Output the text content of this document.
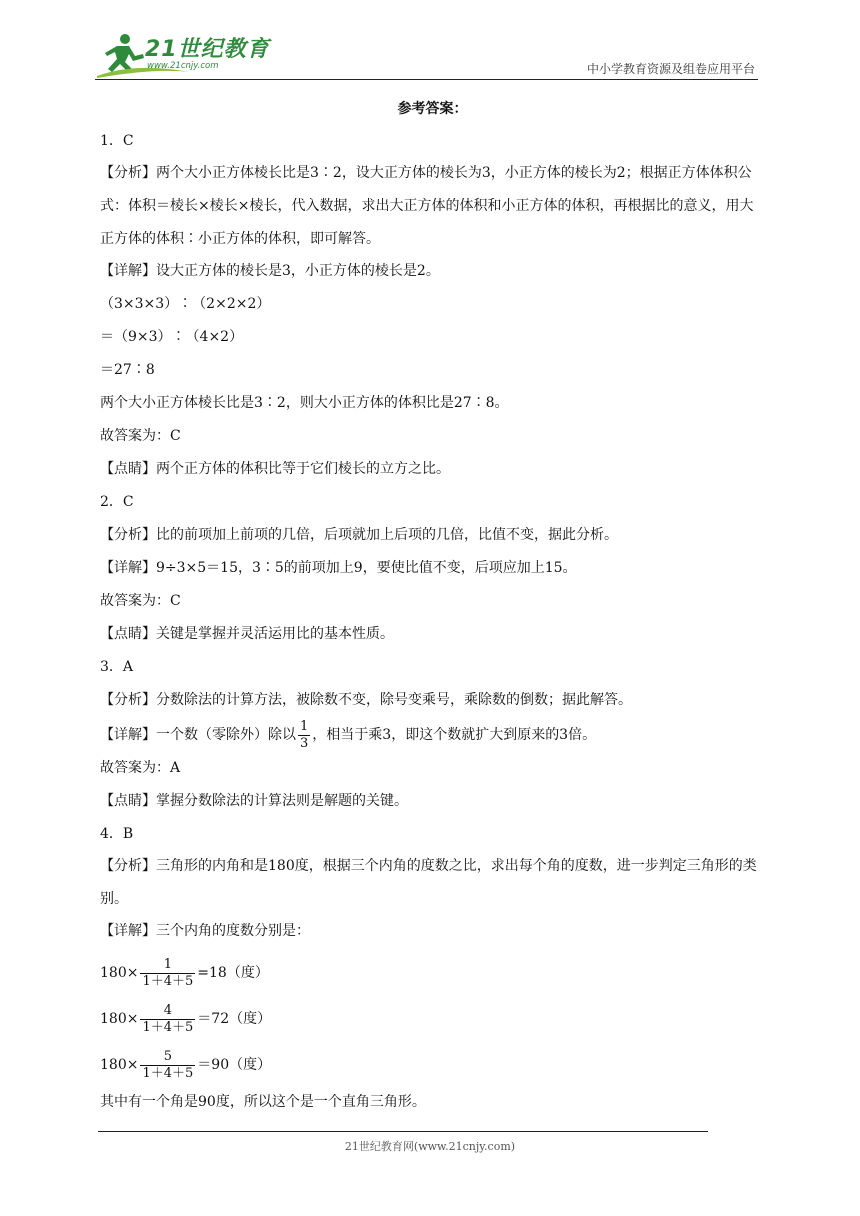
21世纪教育
www.21cnjy.com	中小学教育资源及组卷应用平台
参考答案：
1．C
【分析】两个大小正方体棱长比是3∶2，设大正方体的棱长为3，小正方体的棱长为2；根据正方体体积公式：体积＝棱长×棱长×棱长，代入数据，求出大正方体的体积和小正方体的体积，再根据比的意义，用大正方体的体积∶小正方体的体积，即可解答。
【详解】设大正方体的棱长是3，小正方体的棱长是2。
（3×3×3）∶（2×2×2）
＝（9×3）∶（4×2）
＝27∶8
两个大小正方体棱长比是3∶2，则大小正方体的体积比是27∶8。
故答案为：C
【点睛】两个正方体的体积比等于它们棱长的立方之比。
2．C
【分析】比的前项加上前项的几倍，后项就加上后项的几倍，比值不变，据此分析。
【详解】9÷3×5＝15，3∶5的前项加上9，要使比值不变，后项应加上15。
故答案为：C
【点睛】关键是掌握并灵活运用比的基本性质。
3．A
【分析】分数除法的计算方法，被除数不变，除号变乘号，乘除数的倒数；据此解答。
【详解】一个数（零除外）除以 $\frac{1}{3}$ ，相当于乘3，即这个数就扩大到原来的3倍。
故答案为：A
【点睛】掌握分数除法的计算法则是解题的关键。
4．B
【分析】三角形的内角和是180度，根据三个内角的度数之比，求出每个角的度数，进一步判定三角形的类别。
【详解】三个内角的度数分别是：
$180\times \frac{1}{1+4+5} =18$（度）
$180\times \frac{4}{1+4+5} =72$（度）
$180\times \frac{5}{1+4+5} =90$（度）
其中有一个角是90度，所以这个是一个直角三角形。
21世纪教育网(www.21cnjy.com)
